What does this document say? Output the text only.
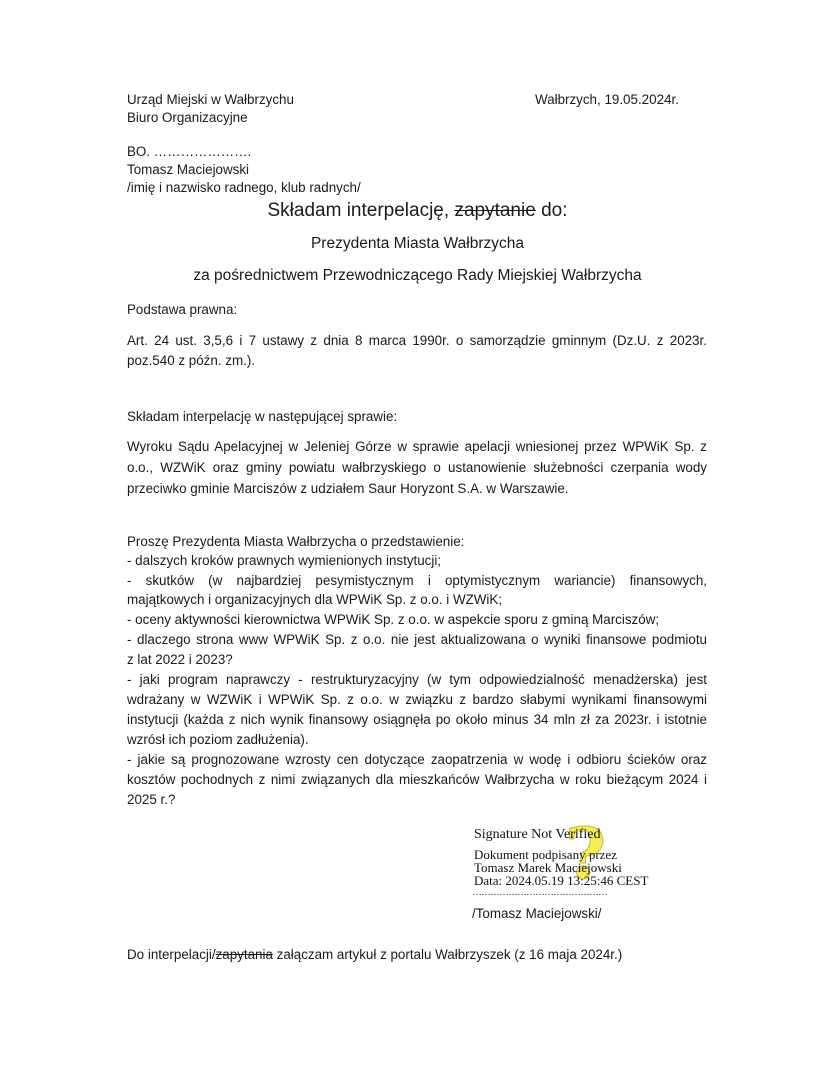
Urząd Miejski w Wałbrzychu
Biuro Organizacyjne
Wałbrzych, 19.05.2024r.
BO. ………………….
Tomasz Maciejowski
/imię i nazwisko radnego, klub radnych/
Składam interpelację, zapytanie do:
Prezydenta Miasta Wałbrzycha
za pośrednictwem Przewodniczącego Rady Miejskiej Wałbrzycha
Podstawa prawna:
Art. 24 ust. 3,5,6 i 7 ustawy z dnia 8 marca 1990r. o samorządzie gminnym (Dz.U. z 2023r.
poz.540 z późn. zm.).
Składam interpelację w następującej sprawie:
Wyroku Sądu Apelacyjnej w Jeleniej Górze w sprawie apelacji wniesionej przez WPWiK Sp. z
o.o., WZWiK oraz gminy powiatu wałbrzyskiego o ustanowienie służebności czerpania wody
przeciwko gminie Marciszów z udziałem Saur Horyzont S.A. w Warszawie.
Proszę Prezydenta Miasta Wałbrzycha o przedstawienie:
- dalszych kroków prawnych wymienionych instytucji;
- skutków (w najbardziej pesymistycznym i optymistycznym wariancie) finansowych,
majątkowych i organizacyjnych dla WPWiK Sp. z o.o. i WZWiK;
- oceny aktywności kierownictwa WPWiK Sp. z o.o. w aspekcie sporu z gminą Marciszów;
- dlaczego strona www WPWiK Sp. z o.o. nie jest aktualizowana o wyniki finansowe podmiotu
z lat 2022 i 2023?
- jaki program naprawczy - restrukturyzacyjny (w tym odpowiedzialność menadżerska) jest
wdrażany w WZWiK i WPWiK Sp. z o.o. w związku z bardzo słabymi wynikami finansowymi
instytucji (każda z nich wynik finansowy osiągnęła po około minus 34 mln zł za 2023r. i istotnie
wzrósł ich poziom zadłużenia).
- jakie są prognozowane wzrosty cen dotyczące zaopatrzenia w wodę i odbioru ścieków oraz
kosztów pochodnych z nimi związanych dla mieszkańców Wałbrzycha w roku bieżącym 2024 i
2025 r.?
?
Signature Not Verified
Dokument podpisany przez
Tomasz Marek Maciejowski
Data: 2024.05.19 13:25:46 CEST
………………………………………
/Tomasz Maciejowski/
Do interpelacji/zapytania załączam artykuł z portalu Wałbrzyszek (z 16 maja 2024r.)
